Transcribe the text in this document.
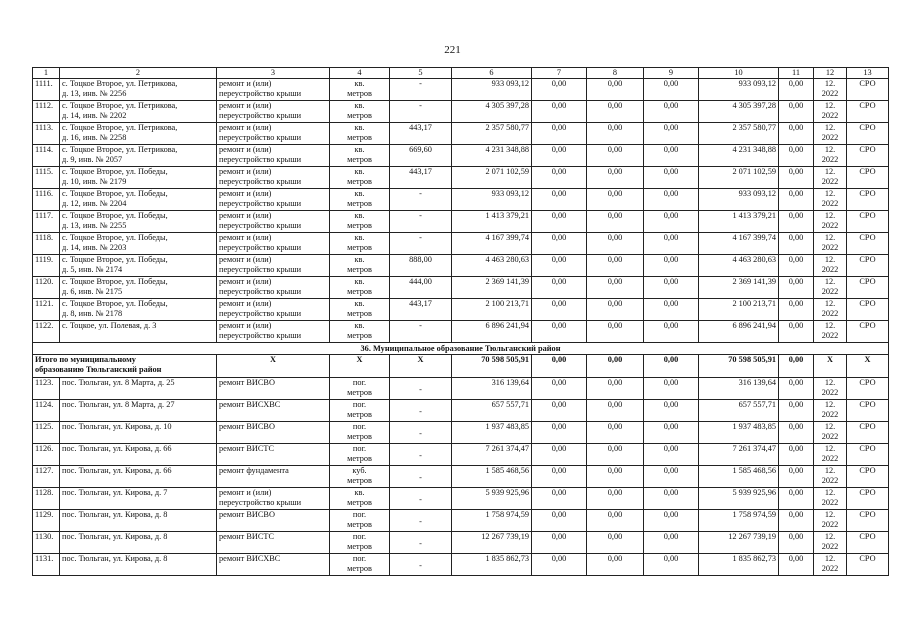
221
1	2	3	4	5	6	7	8	9	10	11	12	13
1111.	с. Тоцкое Второе, ул. Петрикова,
д. 13, инв. № 2256	ремонт и (или)
переустройство крыши	кв.
метров	-	933 093,12	0,00	0,00	0,00	933 093,12	0,00	12.
2022	СРО
1112.	с. Тоцкое Второе, ул. Петрикова,
д. 14, инв. № 2202	ремонт и (или)
переустройство крыши	кв.
метров	-	4 305 397,28	0,00	0,00	0,00	4 305 397,28	0,00	12.
2022	СРО
1113.	с. Тоцкое Второе, ул. Петрикова,
д. 16, инв. № 2258	ремонт и (или)
переустройство крыши	кв.
метров	443,17	2 357 580,77	0,00	0,00	0,00	2 357 580,77	0,00	12.
2022	СРО
1114.	с. Тоцкое Второе, ул. Петрикова,
д. 9, инв. № 2057	ремонт и (или)
переустройство крыши	кв.
метров	669,60	4 231 348,88	0,00	0,00	0,00	4 231 348,88	0,00	12.
2022	СРО
1115.	с. Тоцкое Второе, ул. Победы,
д. 10, инв. № 2179	ремонт и (или)
переустройство крыши	кв.
метров	443,17	2 071 102,59	0,00	0,00	0,00	2 071 102,59	0,00	12.
2022	СРО
1116.	с. Тоцкое Второе, ул. Победы,
д. 12, инв. № 2204	ремонт и (или)
переустройство крыши	кв.
метров	-	933 093,12	0,00	0,00	0,00	933 093,12	0,00	12.
2022	СРО
1117.	с. Тоцкое Второе, ул. Победы,
д. 13, инв. № 2255	ремонт и (или)
переустройство крыши	кв.
метров	-	1 413 379,21	0,00	0,00	0,00	1 413 379,21	0,00	12.
2022	СРО
1118.	с. Тоцкое Второе, ул. Победы,
д. 14, инв. № 2203	ремонт и (или)
переустройство крыши	кв.
метров	-	4 167 399,74	0,00	0,00	0,00	4 167 399,74	0,00	12.
2022	СРО
1119.	с. Тоцкое Второе, ул. Победы,
д. 5, инв. № 2174	ремонт и (или)
переустройство крыши	кв.
метров	888,00	4 463 280,63	0,00	0,00	0,00	4 463 280,63	0,00	12.
2022	СРО
1120.	с. Тоцкое Второе, ул. Победы,
д. 6, инв. № 2175	ремонт и (или)
переустройство крыши	кв.
метров	444,00	2 369 141,39	0,00	0,00	0,00	2 369 141,39	0,00	12.
2022	СРО
1121.	с. Тоцкое Второе, ул. Победы,
д. 8, инв. № 2178	ремонт и (или)
переустройство крыши	кв.
метров	443,17	2 100 213,71	0,00	0,00	0,00	2 100 213,71	0,00	12.
2022	СРО
1122.	с. Тоцкое, ул. Полевая, д. 3	ремонт и (или)
переустройство крыши	кв.
метров	-	6 896 241,94	0,00	0,00	0,00	6 896 241,94	0,00	12.
2022	СРО
36. Муниципальное образование Тюльганский район												

Итого по муниципальному
образованию Тюльганский район		Х	Х	Х	70 598 505,91	0,00	0,00	0,00	70 598 505,91	0,00	Х	Х
1123.	пос. Тюльган, ул. 8 Марта, д. 25	ремонт ВИСВО	пог.
метров	-	316 139,64	0,00	0,00	0,00	316 139,64	0,00	12.
2022	СРО
1124.	пос. Тюльган, ул. 8 Марта, д. 27	ремонт ВИСХВС	пог.
метров	-	657 557,71	0,00	0,00	0,00	657 557,71	0,00	12.
2022	СРО
1125.	пос. Тюльган, ул. Кирова, д. 10	ремонт ВИСВО	пог.
метров	-	1 937 483,85	0,00	0,00	0,00	1 937 483,85	0,00	12.
2022	СРО
1126.	пос. Тюльган, ул. Кирова, д. 66	ремонт ВИСТС	пог.
метров	-	7 261 374,47	0,00	0,00	0,00	7 261 374,47	0,00	12.
2022	СРО
1127.	пос. Тюльган, ул. Кирова, д. 66	ремонт фундамента	куб.
метров	-	1 585 468,56	0,00	0,00	0,00	1 585 468,56	0,00	12.
2022	СРО
1128.	пос. Тюльган, ул. Кирова, д. 7	ремонт и (или)
переустройство крыши	кв.
метров	-	5 939 925,96	0,00	0,00	0,00	5 939 925,96	0,00	12.
2022	СРО
1129.	пос. Тюльган, ул. Кирова, д. 8	ремонт ВИСВО	пог.
метров	-	1 758 974,59	0,00	0,00	0,00	1 758 974,59	0,00	12.
2022	СРО
1130.	пос. Тюльган, ул. Кирова, д. 8	ремонт ВИСТС	пог.
метров	-	12 267 739,19	0,00	0,00	0,00	12 267 739,19	0,00	12.
2022	СРО
1131.	пос. Тюльган, ул. Кирова, д. 8	ремонт ВИСХВС	пог.
метров	-	1 835 862,73	0,00	0,00	0,00	1 835 862,73	0,00	12.
2022	СРО
